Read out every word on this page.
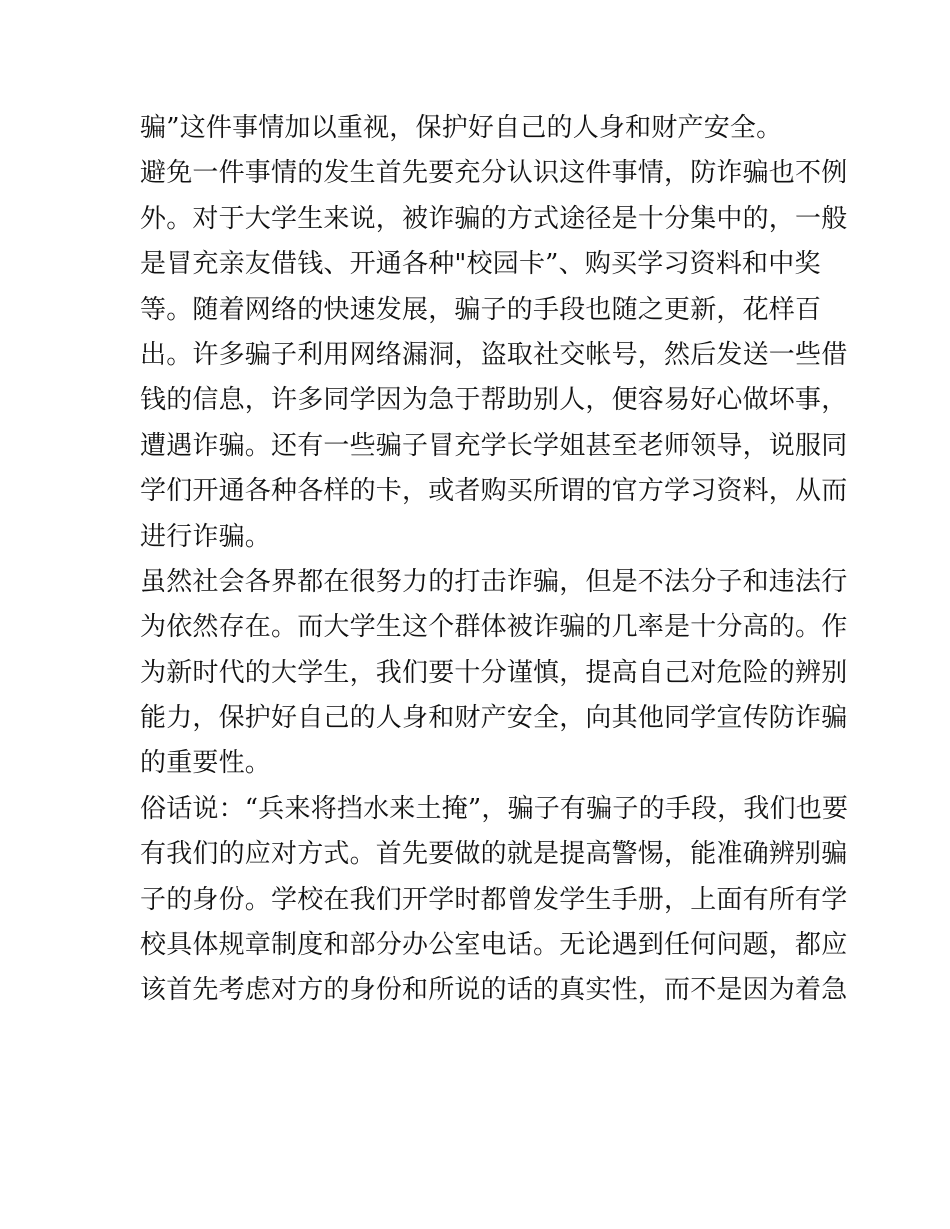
骗”这件事情加以重视，保护好自己的人身和财产安全。
避免一件事情的发生首先要充分认识这件事情，防诈骗也不例
外。对于大学生来说，被诈骗的方式途径是十分集中的，一般
是冒充亲友借钱、开通各种"校园卡”、购买学习资料和中奖
等。随着网络的快速发展，骗子的手段也随之更新，花样百
出。许多骗子利用网络漏洞，盗取社交帐号，然后发送一些借
钱的信息，许多同学因为急于帮助别人，便容易好心做坏事，
遭遇诈骗。还有一些骗子冒充学长学姐甚至老师领导，说服同
学们开通各种各样的卡，或者购买所谓的官方学习资料，从而
进行诈骗。
虽然社会各界都在很努力的打击诈骗，但是不法分子和违法行
为依然存在。而大学生这个群体被诈骗的几率是十分高的。作
为新时代的大学生，我们要十分谨慎，提高自己对危险的辨别
能力，保护好自己的人身和财产安全，向其他同学宣传防诈骗
的重要性。
俗话说：“兵来将挡水来土掩”，骗子有骗子的手段，我们也要
有我们的应对方式。首先要做的就是提高警惕，能准确辨别骗
子的身份。学校在我们开学时都曾发学生手册，上面有所有学
校具体规章制度和部分办公室电话。无论遇到任何问题，都应
该首先考虑对方的身份和所说的话的真实性，而不是因为着急
